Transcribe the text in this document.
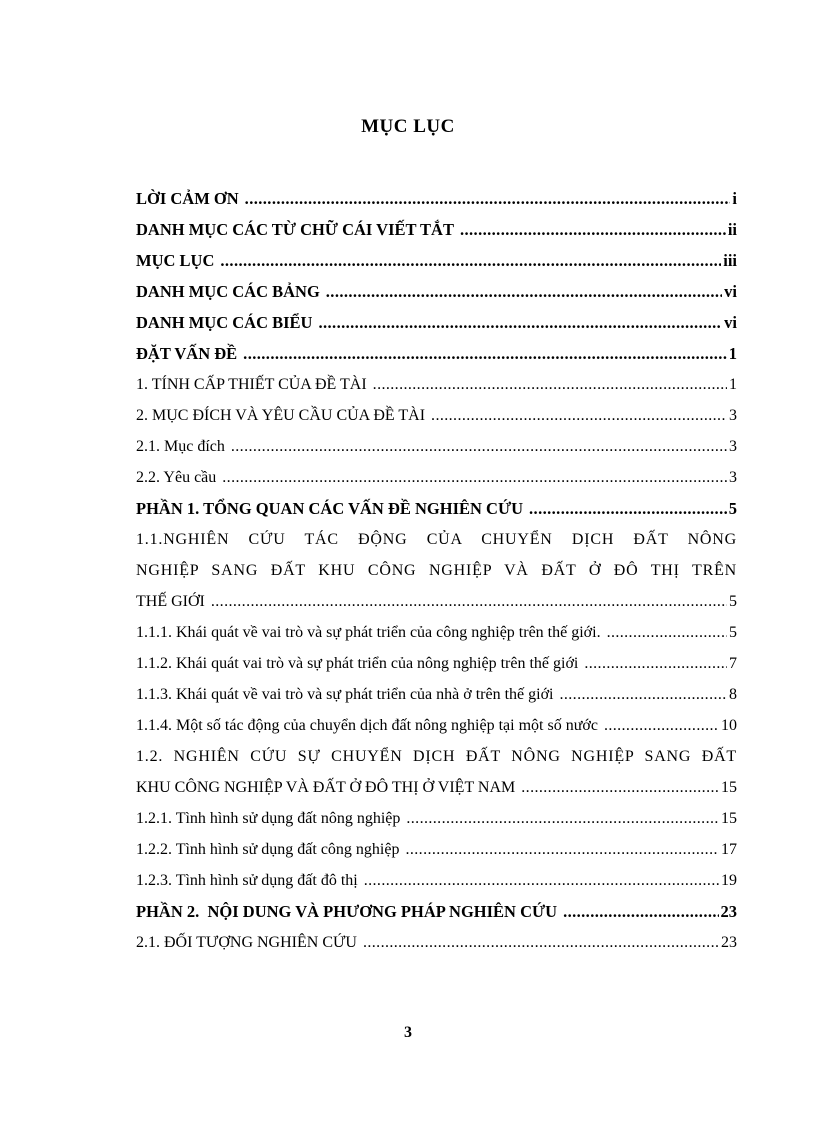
MỤC LỤC
LỜI CẢM ƠN .....	i
DANH MỤC CÁC TỪ CHỮ CÁI VIẾT TẮT .....	ii
MỤC LỤC .....	iii
DANH MỤC CÁC BẢNG .....	vi
DANH MỤC CÁC BIỂU .....	vi
ĐẶT VẤN ĐỀ .....	1
1. TÍNH CẤP THIẾT CỦA ĐỀ TÀI .....	1
2. MỤC ĐÍCH VÀ YÊU CẦU CỦA ĐỀ TÀI .....	3
2.1. Mục đích .....	3
2.2. Yêu cầu .....	3
PHẦN 1. TỔNG QUAN CÁC VẤN ĐỀ NGHIÊN CỨU .....	5
1.1.NGHIÊN CỨU TÁC ĐỘNG CỦA CHUYỂN DỊCH ĐẤT NÔNG
NGHIỆP SANG ĐẤT KHU CÔNG NGHIỆP VÀ ĐẤT Ở ĐÔ THỊ TRÊN
THẾ GIỚI .....	5
1.1.1. Khái quát về vai trò và sự phát triển của công nghiệp trên thế giới. .....	5
1.1.2. Khái quát vai trò và sự phát triển của nông nghiệp trên thế giới .....	7
1.1.3. Khái quát về vai trò và sự phát triển của nhà ở trên thế giới .....	8
1.1.4. Một số tác động của chuyển dịch đất nông nghiệp tại một số nước .....	10
1.2. NGHIÊN CỨU SỰ CHUYỂN DỊCH ĐẤT NÔNG NGHIỆP SANG ĐẤT
KHU CÔNG NGHIỆP VÀ ĐẤT Ở ĐÔ THỊ Ở VIỆT NAM .....	15
1.2.1. Tình hình sử dụng đất nông nghiệp .....	15
1.2.2. Tình hình sử dụng đất công nghiệp .....	17
1.2.3. Tình hình sử dụng đất đô thị .....	19
PHẦN 2.  NỘI DUNG VÀ PHƯƠNG PHÁP NGHIÊN CỨU .....	23
2.1. ĐỐI TƯỢNG NGHIÊN CỨU .....	23
3
